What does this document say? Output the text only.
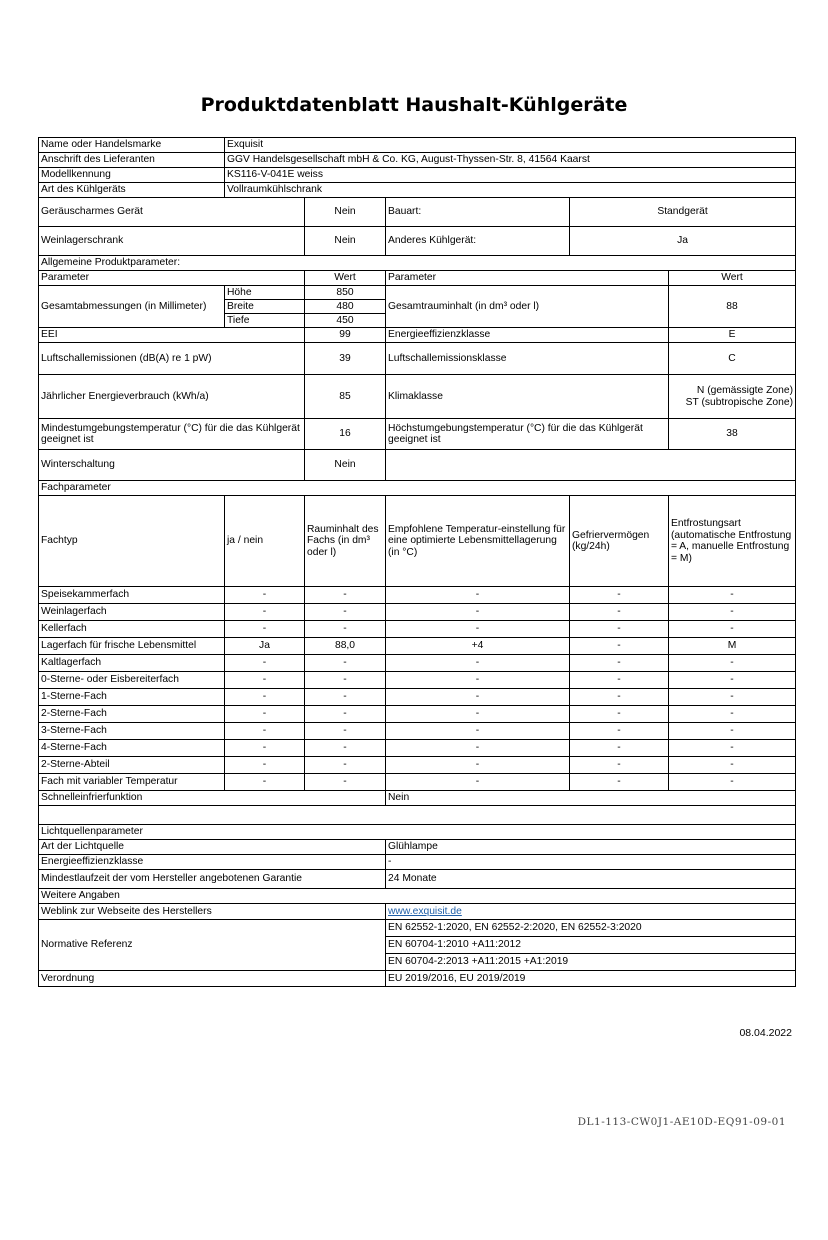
Produktdatenblatt Haushalt-Kühlgeräte
Name oder Handelsmarke	Exquisit				
Anschrift des Lieferanten	GGV Handelsgesellschaft mbH & Co. KG, August-Thyssen-Str. 8, 41564 Kaarst				
Modellkennung	KS116-V-041E weiss				
Art des Kühlgeräts	Vollraumkühlschrank				
Geräuscharmes Gerät		Nein	Bauart:	Standgerät	
Weinlagerschrank		Nein	Anderes Kühlgerät:	Ja	
Allgemeine Produktparameter:					
Parameter		Wert	Parameter		Wert
Gesamtabmessungen (in Millimeter)	Höhe	850	Gesamtrauminhalt (in dm³ oder l)		88
	Breite	480			
	Tiefe	450			
EEI		99	Energieeffizienzklasse		E
Luftschallemissionen (dB(A) re 1 pW)		39	Luftschallemissionsklasse		C
Jährlicher Energieverbrauch (kWh/a)		85	Klimaklasse		N (gemässigte Zone)
ST (subtropische Zone)

Mindestumgebungstemperatur (°C) für die das Kühlgerät geeignet ist		16	Höchstumgebungstemperatur (°C) für die das Kühlgerät geeignet ist		38
Winterschaltung		Nein			
Fachparameter					
Fachtyp	ja / nein	Rauminhalt des Fachs (in dm³ oder l)	Empfohlene Temperatur-einstellung für eine optimierte Lebensmittellagerung (in °C)	Gefriervermögen (kg/24h)	Entfrostungsart (automatische Entfrostung = A, manuelle Entfrostung = M)
Speisekammerfach	-	-	-	-	-
Weinlagerfach	-	-	-	-	-
Kellerfach	-	-	-	-	-
Lagerfach für frische Lebensmittel	Ja	88,0	+4	-	M
Kaltlagerfach	-	-	-	-	-
0-Sterne- oder Eisbereiterfach	-	-	-	-	-
1-Sterne-Fach	-	-	-	-	-
2-Sterne-Fach	-	-	-	-	-
3-Sterne-Fach	-	-	-	-	-
4-Sterne-Fach	-	-	-	-	-
2-Sterne-Abteil	-	-	-	-	-
Fach mit variabler Temperatur	-	-	-	-	-
Schnelleinfrierfunktion			Nein		

Lichtquellenparameter					
Art der Lichtquelle			Glühlampe		
Energieeffizienzklasse			-		
Mindestlaufzeit der vom Hersteller angebotenen Garantie			24 Monate		
Weitere Angaben					
Weblink zur Webseite des Herstellers			www.exquisit.de		
Normative Referenz			EN 62552-1:2020, EN 62552-2:2020, EN 62552-3:2020		
			EN 60704-1:2010 +A11:2012		
			EN 60704-2:2013 +A11:2015 +A1:2019		
Verordnung			EU 2019/2016, EU 2019/2019		
08.04.2022
DL1-113-CW0J1-AE10D-EQ91-09-01
